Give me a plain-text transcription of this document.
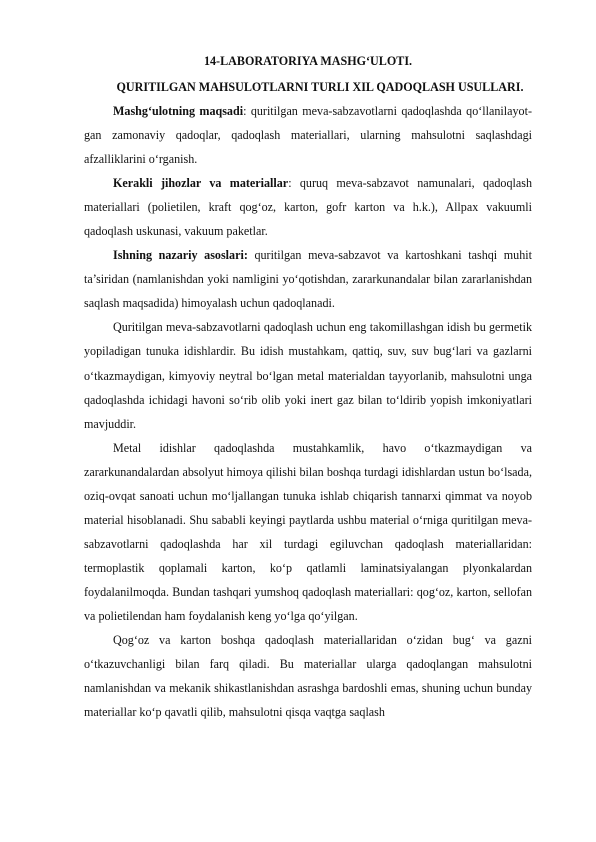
14-LABORATORIYA MASHG‘ULOTI.

QURITILGAN MAHSULOTLARNI TURLI XIL QADOQLASH USULLARI.

Mashg‘ulotning maqsadi: quritilgan meva-sabzavotlarni qadoqlashda qo‘llanilayot-gan zamonaviy qadoqlar, qadoqlash materiallari, ularning mahsulotni saqlashdagi afzalliklarini o‘rganish.

Kerakli jihozlar va materiallar: quruq meva-sabzavot namunalari, qadoqlash materiallari (polietilen, kraft qog‘oz, karton, gofr karton va h.k.), Allpax vakuumli qadoqlash uskunasi, vakuum paketlar.

Ishning nazariy asoslari: quritilgan meva-sabzavot va kartoshkani tashqi muhit ta’siridan (namlanishdan yoki namligini yo‘qotishdan, zararkunandalar bilan zararlanishdan saqlash maqsadida) himoyalash uchun qadoqlanadi.

Quritilgan meva-sabzavotlarni qadoqlash uchun eng takomillashgan idish bu germetik yopiladigan tunuka idishlardir. Bu idish mustahkam, qattiq, suv, suv bug‘lari va gazlarni o‘tkazmaydigan, kimyoviy neytral bo‘lgan metal materialdan tayyorlanib, mahsulotni unga qadoqlashda ichidagi havoni so‘rib olib yoki inert gaz bilan to‘ldirib yopish imkoniyatlari mavjuddir.

Metal idishlar qadoqlashda mustahkamlik, havo o‘tkazmaydigan va zararkunandalardan absolyut himoya qilishi bilan boshqa turdagi idishlardan ustun bo‘lsada, oziq-ovqat sanoati uchun mo‘ljallangan tunuka ishlab chiqarish tannarxi qimmat va noyob material hisoblanadi. Shu sababli keyingi paytlarda ushbu material o‘rniga quritilgan meva-sabzavotlarni qadoqlashda har xil turdagi egiluvchan qadoqlash materiallaridan: termoplastik qoplamali karton, ko‘p qatlamli laminatsiyalangan plyonkalardan foydalanilmoqda. Bundan tashqari yumshoq qadoqlash materiallari: qog‘oz, karton, sellofan va polietilendan ham foydalanish keng yo‘lga qo‘yilgan.

Qog‘oz va karton boshqa qadoqlash materiallaridan o‘zidan bug‘ va gazni o‘tkazuvchanligi bilan farq qiladi. Bu materiallar ularga qadoqlangan mahsulotni namlanishdan va mekanik shikastlanishdan asrashga bardoshli emas, shuning uchun bunday materiallar ko‘p qavatli qilib, mahsulotni qisqa vaqtga saqlash
